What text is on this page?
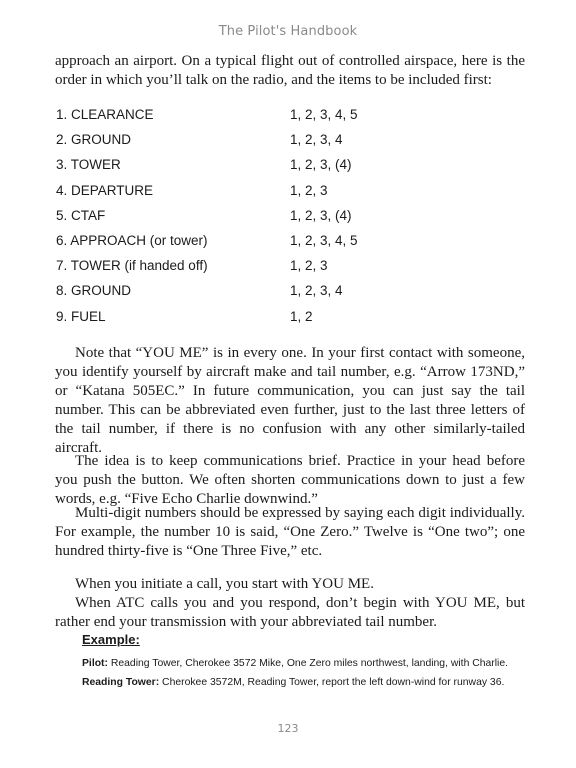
The Pilot's Handbook

approach an airport. On a typical flight out of controlled airspace, here is the order in which you’ll talk on the radio, and the items to be included first:

1. CLEARANCE	1, 2, 3, 4, 5
2. GROUND	1, 2, 3, 4
3. TOWER	1, 2, 3, (4)
4. DEPARTURE	1, 2, 3
5. CTAF	1, 2, 3, (4)
6. APPROACH (or tower)	1, 2, 3, 4, 5
7. TOWER (if handed off)	1, 2, 3
8. GROUND	1, 2, 3, 4
9. FUEL	1, 2

Note that “YOU ME” is in every one. In your first contact with someone, you identify yourself by aircraft make and tail number, e.g. “Arrow 173ND,” or “Katana 505EC.” In future communication, you can just say the tail number. This can be abbreviated even further, just to the last three letters of the tail number, if there is no confusion with any other similarly-tailed aircraft.

The idea is to keep communications brief. Practice in your head before you push the button. We often shorten communications down to just a few words, e.g. “Five Echo Charlie downwind.”

Multi-digit numbers should be expressed by saying each digit individually. For example, the number 10 is said, “One Zero.” Twelve is “One two”; one hundred thirty-five is “One Three Five,” etc.

When you initiate a call, you start with YOU ME.

When ATC calls you and you respond, don’t begin with YOU ME, but rather end your transmission with your abbreviated tail number.

Example:

Pilot: Reading Tower, Cherokee 3572 Mike, One Zero miles northwest, landing, with Charlie.

Reading Tower: Cherokee 3572M, Reading Tower, report the left down-wind for runway 36.

123
